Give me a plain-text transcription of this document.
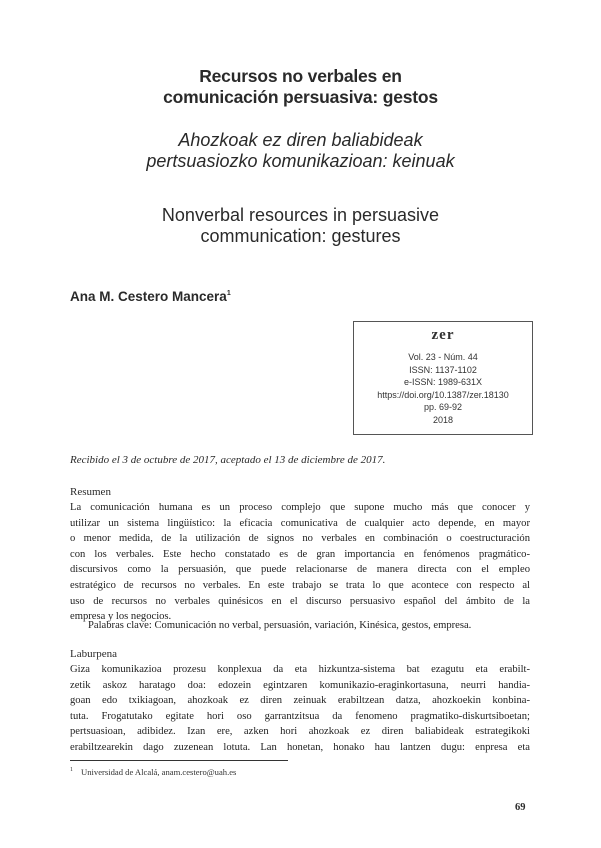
Recursos no verbales en
comunicación persuasiva: gestos
Ahozkoak ez diren baliabideak
pertsuasiozko komunikazioan: keinuak
Nonverbal resources in persuasive
communication: gestures
Ana M. Cestero Mancera$^1$
zer
Vol. 23 - Núm. 44
ISSN: 1137-1102
e-ISSN: 1989-631X
https://doi.org/10.1387/zer.18130
pp. 69-92
2018
Recibido el 3 de octubre de 2017, aceptado el 13 de diciembre de 2017.
Resumen
La comunicación humana es un proceso complejo que supone mucho más que conocer y
utilizar un sistema lingüístico: la eficacia comunicativa de cualquier acto depende, en mayor
o menor medida, de la utilización de signos no verbales en combinación o coestructuración
con los verbales. Este hecho constatado es de gran importancia en fenómenos pragmático-
discursivos como la persuasión, que puede relacionarse de manera directa con el empleo
estratégico de recursos no verbales. En este trabajo se trata lo que acontece con respecto al
uso de recursos no verbales quinésicos en el discurso persuasivo español del ámbito de la
empresa y los negocios.
Palabras clave: Comunicación no verbal, persuasión, variación, Kinésica, gestos, empresa.
Laburpena
Giza komunikazioa prozesu konplexua da eta hizkuntza-sistema bat ezagutu eta erabilt-
zetik askoz haratago doa: edozein egintzaren komunikazio-eraginkortasuna, neurri handia-
goan edo txikiagoan, ahozkoak ez diren zeinuak erabiltzean datza, ahozkoekin konbina-
tuta. Frogatutako egitate hori oso garrantzitsua da fenomeno pragmatiko-diskurtsiboetan;
pertsuasioan, adibidez. Izan ere, azken hori ahozkoak ez diren baliabideak estrategikoki
erabiltzearekin dago zuzenean lotuta. Lan honetan, honako hau lantzen dugu: enpresa eta
$^1$ Universidad de Alcalá, anam.cestero@uah.es
69
